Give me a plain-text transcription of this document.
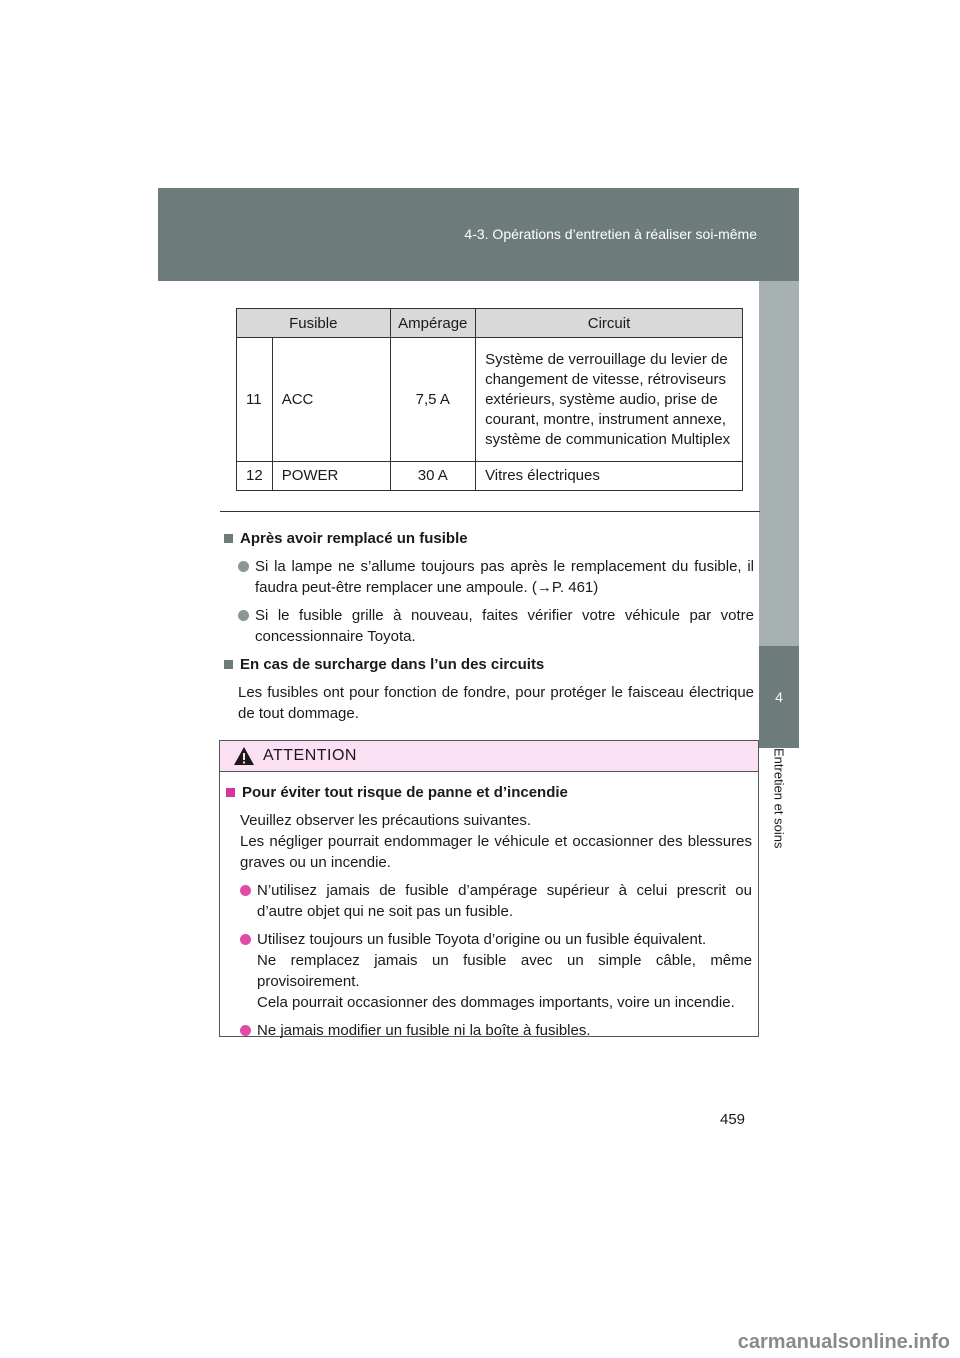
4-3. Opérations d’entretien à réaliser soi-même
4
Entretien et soins
Fusible		Ampérage	Circuit
11	ACC	7,5 A	Système de verrouillage du levier de changement de vitesse, rétroviseurs extérieurs, système audio, prise de courant, montre, instrument annexe, système de communication Multiplex
12	POWER	30 A	Vitres électriques
Après avoir remplacé un fusible
Si la lampe ne s’allume toujours pas après le remplacement du fusible, il faudra peut-être remplacer une ampoule. (→P. 461)
Si le fusible grille à nouveau, faites vérifier votre véhicule par votre concessionnaire Toyota.
En cas de surcharge dans l’un des circuits
Les fusibles ont pour fonction de fondre, pour protéger le faisceau électrique de tout dommage.
ATTENTION
Pour éviter tout risque de panne et d’incendie
Veuillez observer les précautions suivantes.
Les négliger pourrait endommager le véhicule et occasionner des blessures graves ou un incendie.
N’utilisez jamais de fusible d’ampérage supérieur à celui prescrit ou d’autre objet qui ne soit pas un fusible.
Utilisez toujours un fusible Toyota d’origine ou un fusible équivalent.
Ne remplacez jamais un fusible avec un simple câble, même provisoirement.
Cela pourrait occasionner des dommages importants, voire un incendie.
Ne jamais modifier un fusible ni la boîte à fusibles.
459
carmanualsonline.info
